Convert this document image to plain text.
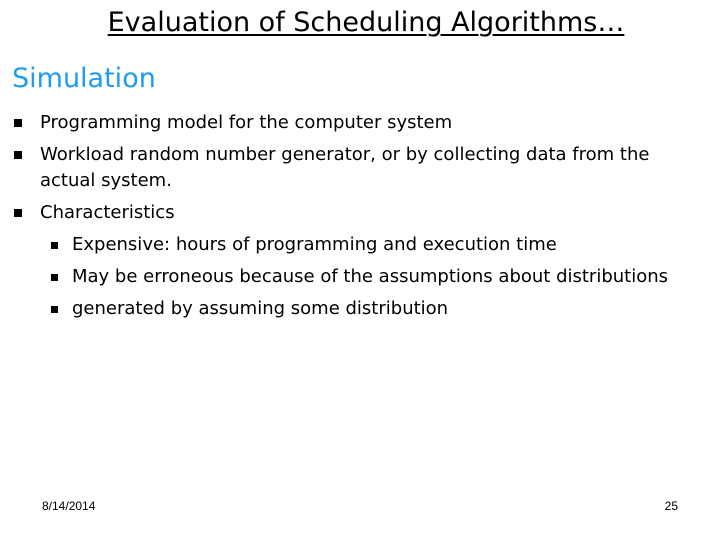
Evaluation of Scheduling Algorithms…
Simulation
Programming model for the computer system
Workload random number generator, or by collecting data from the actual system.
Characteristics
Expensive: hours of programming and execution time
May be erroneous because of the assumptions about distributions
generated by assuming some distribution
8/14/2014	25
